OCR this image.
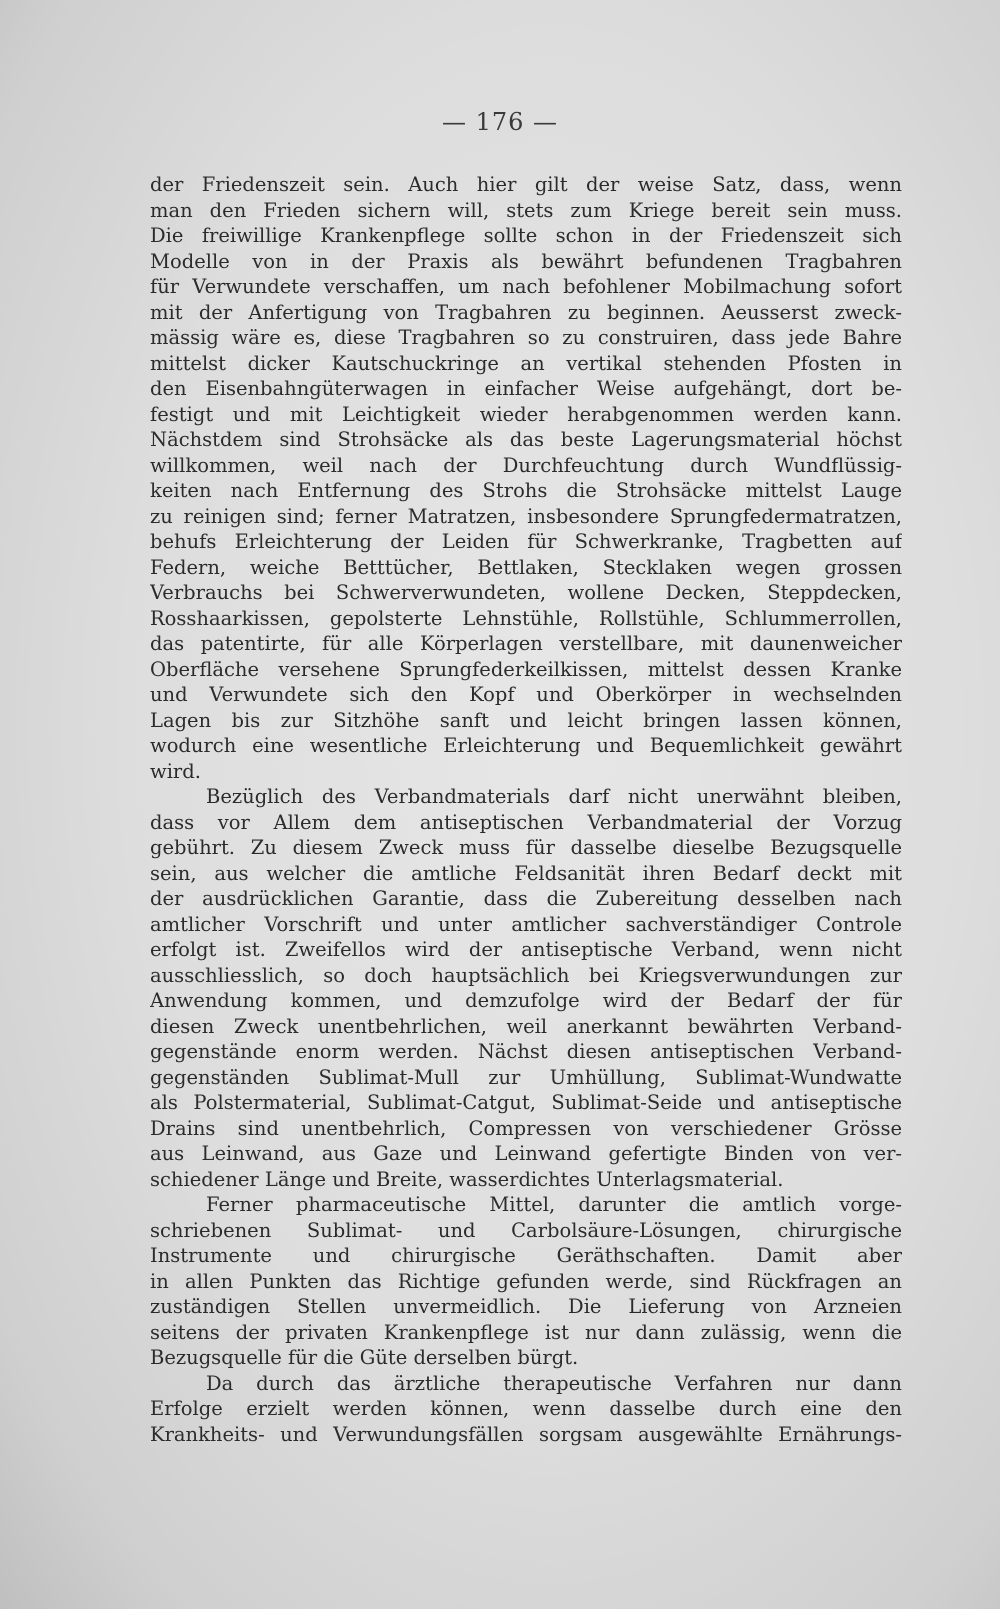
— 176 —
der Friedenszeit sein. Auch hier gilt der weise Satz, dass, wenn
man den Frieden sichern will, stets zum Kriege bereit sein muss.
Die freiwillige Krankenpflege sollte schon in der Friedenszeit sich
Modelle von in der Praxis als bewährt befundenen Tragbahren
für Verwundete verschaffen, um nach befohlener Mobilmachung sofort
mit der Anfertigung von Tragbahren zu beginnen. Aeusserst zweck-
mässig wäre es, diese Tragbahren so zu construiren, dass jede Bahre
mittelst dicker Kautschuckringe an vertikal stehenden Pfosten in
den Eisenbahngüterwagen in einfacher Weise aufgehängt, dort be-
festigt und mit Leichtigkeit wieder herabgenommen werden kann.
Nächstdem sind Strohsäcke als das beste Lagerungsmaterial höchst
willkommen, weil nach der Durchfeuchtung durch Wundflüssig-
keiten nach Entfernung des Strohs die Strohsäcke mittelst Lauge
zu reinigen sind; ferner Matratzen, insbesondere Sprungfedermatratzen,
behufs Erleichterung der Leiden für Schwerkranke, Tragbetten auf
Federn, weiche Betttücher, Bettlaken, Stecklaken wegen grossen
Verbrauchs bei Schwerverwundeten, wollene Decken, Steppdecken,
Rosshaarkissen, gepolsterte Lehnstühle, Rollstühle, Schlummerrollen,
das patentirte, für alle Körperlagen verstellbare, mit daunenweicher
Oberfläche versehene Sprungfederkeilkissen, mittelst dessen Kranke
und Verwundete sich den Kopf und Oberkörper in wechselnden
Lagen bis zur Sitzhöhe sanft und leicht bringen lassen können,
wodurch eine wesentliche Erleichterung und Bequemlichkeit gewährt
wird.
Bezüglich des Verbandmaterials darf nicht unerwähnt bleiben,
dass vor Allem dem antiseptischen Verbandmaterial der Vorzug
gebührt. Zu diesem Zweck muss für dasselbe dieselbe Bezugsquelle
sein, aus welcher die amtliche Feldsanität ihren Bedarf deckt mit
der ausdrücklichen Garantie, dass die Zubereitung desselben nach
amtlicher Vorschrift und unter amtlicher sachverständiger Controle
erfolgt ist. Zweifellos wird der antiseptische Verband, wenn nicht
ausschliesslich, so doch hauptsächlich bei Kriegsverwundungen zur
Anwendung kommen, und demzufolge wird der Bedarf der für
diesen Zweck unentbehrlichen, weil anerkannt bewährten Verband-
gegenstände enorm werden. Nächst diesen antiseptischen Verband-
gegenständen Sublimat-Mull zur Umhüllung, Sublimat-Wundwatte
als Polstermaterial, Sublimat-Catgut, Sublimat-Seide und antiseptische
Drains sind unentbehrlich, Compressen von verschiedener Grösse
aus Leinwand, aus Gaze und Leinwand gefertigte Binden von ver-
schiedener Länge und Breite, wasserdichtes Unterlagsmaterial.
Ferner pharmaceutische Mittel, darunter die amtlich vorge-
schriebenen Sublimat- und Carbolsäure-Lösungen, chirurgische
Instrumente und chirurgische Geräthschaften. Damit aber
in allen Punkten das Richtige gefunden werde, sind Rückfragen an
zuständigen Stellen unvermeidlich. Die Lieferung von Arzneien
seitens der privaten Krankenpflege ist nur dann zulässig, wenn die
Bezugsquelle für die Güte derselben bürgt.
Da durch das ärztliche therapeutische Verfahren nur dann
Erfolge erzielt werden können, wenn dasselbe durch eine den
Krankheits- und Verwundungsfällen sorgsam ausgewählte Ernährungs-
